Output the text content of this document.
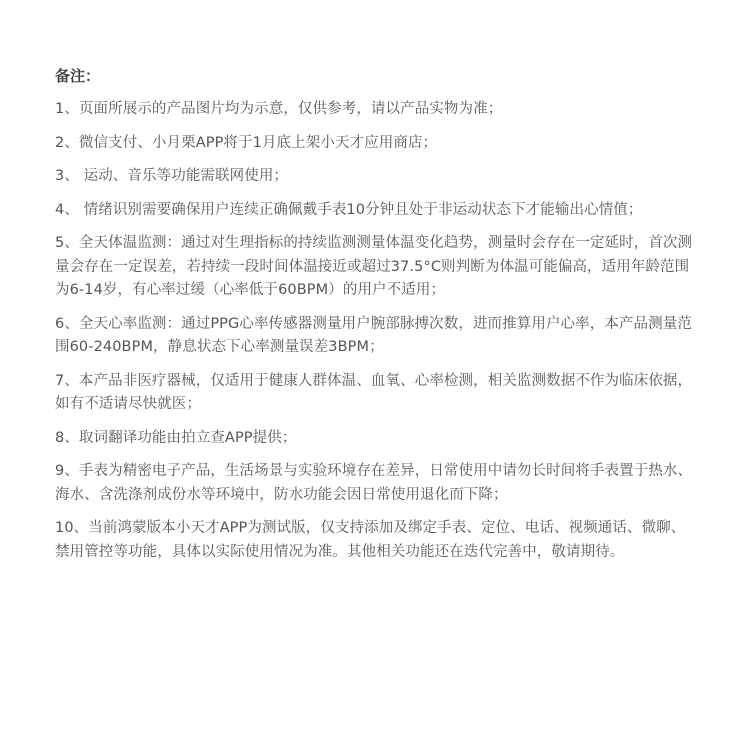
备注：
1、页面所展示的产品图片均为示意，仅供参考，请以产品实物为准；
2、微信支付、小月栗APP将于1月底上架小天才应用商店；
3、 运动、音乐等功能需联网使用；
4、 情绪识别需要确保用户连续正确佩戴手表10分钟且处于非运动状态下才能输出心情值；
5、全天体温监测：通过对生理指标的持续监测测量体温变化趋势，测量时会存在一定延时，首次测量会存在一定误差，若持续一段时间体温接近或超过37.5°C则判断为体温可能偏高，适用年龄范围为6-14岁，有心率过缓（心率低于60BPM）的用户不适用；
6、全天心率监测：通过PPG心率传感器测量用户腕部脉搏次数，进而推算用户心率，本产品测量范围60-240BPM，静息状态下心率测量误差3BPM；
7、本产品非医疗器械，仅适用于健康人群体温、血氧、心率检测，相关监测数据不作为临床依据，如有不适请尽快就医；
8、取词翻译功能由拍立查APP提供；
9、手表为精密电子产品，生活场景与实验环境存在差异，日常使用中请勿长时间将手表置于热水、海水、含洗涤剂成份水等环境中，防水功能会因日常使用退化而下降；
10、当前鸿蒙版本小天才APP为测试版，仅支持添加及绑定手表、定位、电话、视频通话、微聊、禁用管控等功能，具体以实际使用情况为准。其他相关功能还在迭代完善中，敬请期待。
